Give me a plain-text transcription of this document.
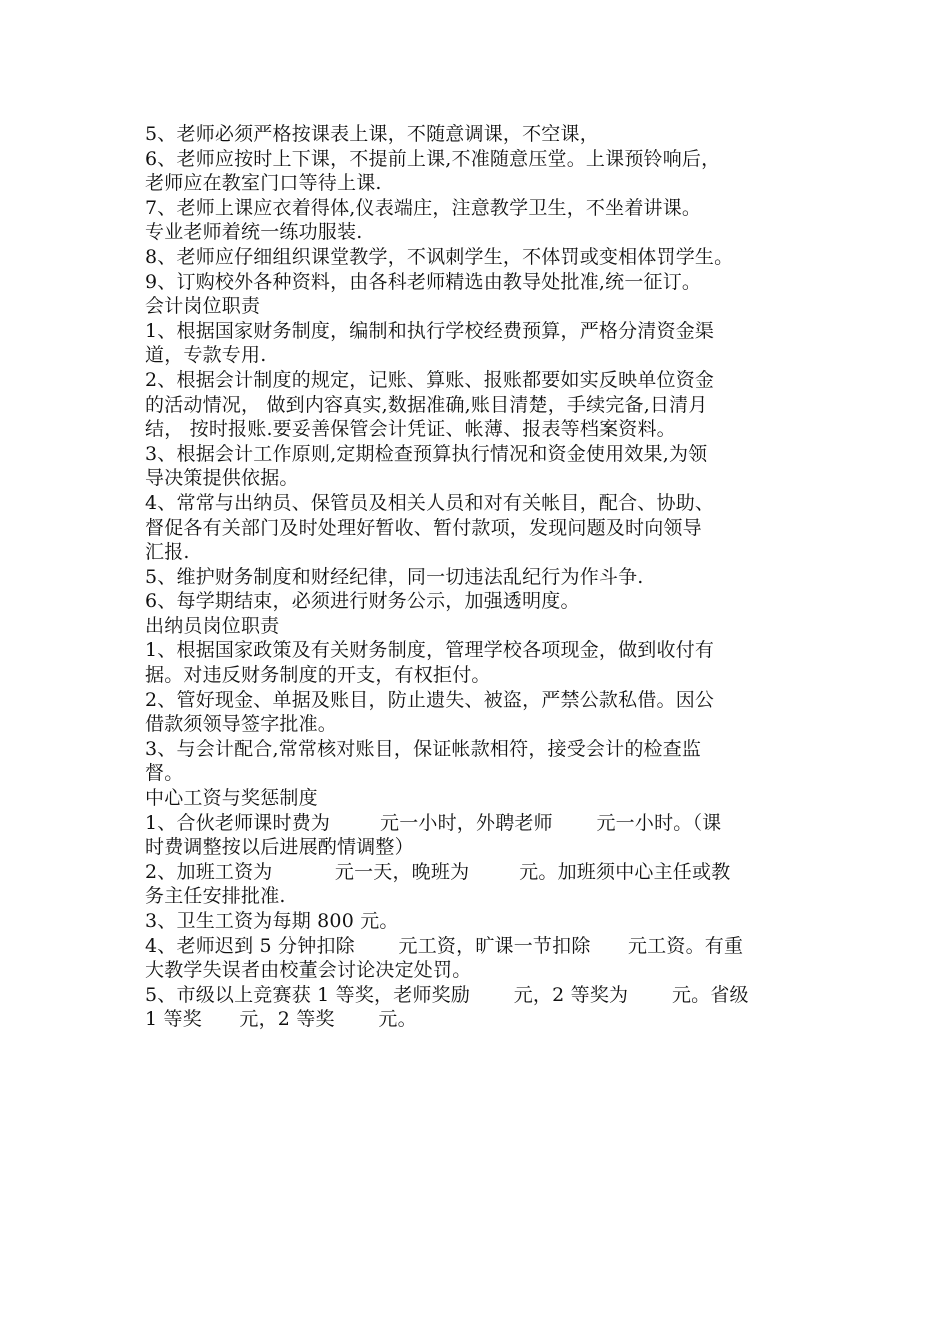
5、老师必须严格按课表上课，不随意调课，不空课，
6、老师应按时上下课，不提前上课,不准随意压堂。上课预铃响后，
老师应在教室门口等待上课.
7、老师上课应衣着得体,仪表端庄，注意教学卫生，不坐着讲课。
专业老师着统一练功服装.
8、老师应仔细组织课堂教学，不讽刺学生，不体罚或变相体罚学生。
9、订购校外各种资料，由各科老师精选由教导处批准,统一征订。
会计岗位职责
1、根据国家财务制度，编制和执行学校经费预算，严格分清资金渠
道，专款专用.
2、根据会计制度的规定，记账、算账、报账都要如实反映单位资金
的活动情况， 做到内容真实,数据准确,账目清楚，手续完备,日清月
结， 按时报账.要妥善保管会计凭证、帐薄、报表等档案资料。
3、根据会计工作原则,定期检查预算执行情况和资金使用效果,为领
导决策提供依据。
4、常常与出纳员、保管员及相关人员和对有关帐目，配合、协助、
督促各有关部门及时处理好暂收、暂付款项，发现问题及时向领导
汇报.
5、维护财务制度和财经纪律，同一切违法乱纪行为作斗争.
6、每学期结束，必须进行财务公示，加强透明度。
出纳员岗位职责
1、根据国家政策及有关财务制度，管理学校各项现金，做到收付有
据。对违反财务制度的开支，有权拒付。
2、管好现金、单据及账目，防止遗失、被盗，严禁公款私借。因公
借款须领导签字批准。
3、与会计配合,常常核对账目，保证帐款相符，接受会计的检查监
督。
中心工资与奖惩制度
1、合伙老师课时费为        元一小时，外聘老师       元一小时。（课
时费调整按以后进展酌情调整）
2、加班工资为          元一天，晚班为        元。加班须中心主任或教
务主任安排批准.
3、卫生工资为每期 800 元。
4、老师迟到 5 分钟扣除       元工资，旷课一节扣除      元工资。有重
大教学失误者由校董会讨论决定处罚。
5、市级以上竞赛获 1 等奖，老师奖励       元，2 等奖为       元。省级
1 等奖      元，2 等奖       元。
